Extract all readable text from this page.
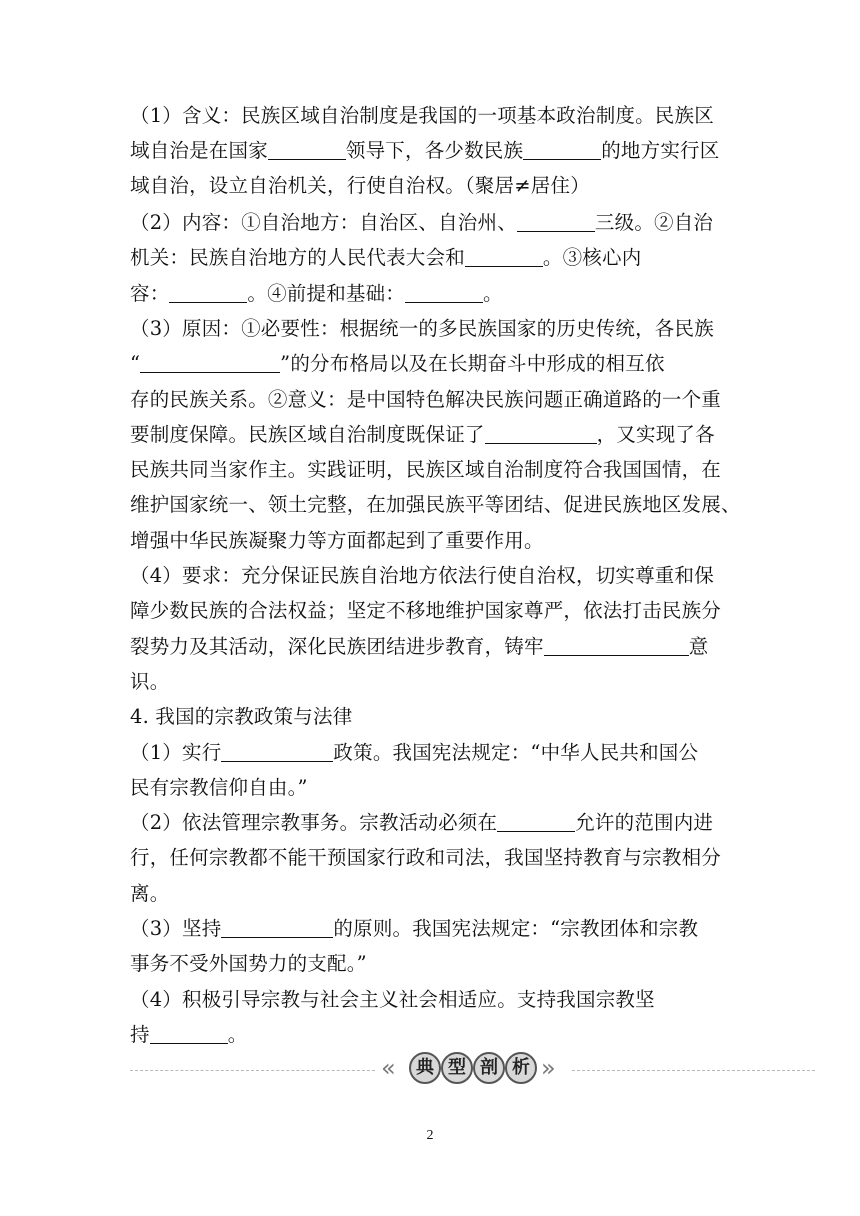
（1）含义：民族区域自治制度是我国的一项基本政治制度。民族区
域自治是在国家	领导下，各少数民族	的地方实行区
域自治，设立自治机关，行使自治权。（聚居≠居住）
（2）内容：①自治地方：自治区、自治州、	三级。②自治
机关：民族自治地方的人民代表大会和	。③核心内
容：	。④前提和基础：	。
（3）原因：①必要性：根据统一的多民族国家的历史传统，各民族
“	”的分布格局以及在长期奋斗中形成的相互依
存的民族关系。②意义：是中国特色解决民族问题正确道路的一个重
要制度保障。民族区域自治制度既保证了	，又实现了各
民族共同当家作主。实践证明，民族区域自治制度符合我国国情，在
维护国家统一、领土完整，在加强民族平等团结、促进民族地区发展、
增强中华民族凝聚力等方面都起到了重要作用。
（4）要求：充分保证民族自治地方依法行使自治权，切实尊重和保
障少数民族的合法权益；坚定不移地维护国家尊严，依法打击民族分
裂势力及其活动，深化民族团结进步教育，铸牢	意
识。
4. 我国的宗教政策与法律
（1）实行	政策。我国宪法规定：“中华人民共和国公
民有宗教信仰自由。”
（2）依法管理宗教事务。宗教活动必须在	允许的范围内进
行，任何宗教都不能干预国家行政和司法，我国坚持教育与宗教相分
离。
（3）坚持	的原则。我国宪法规定：“宗教团体和宗教
事务不受外国势力的支配。”
（4）积极引导宗教与社会主义社会相适应。支持我国宗教坚
持	。
«	典 型 剖 析 »
2
